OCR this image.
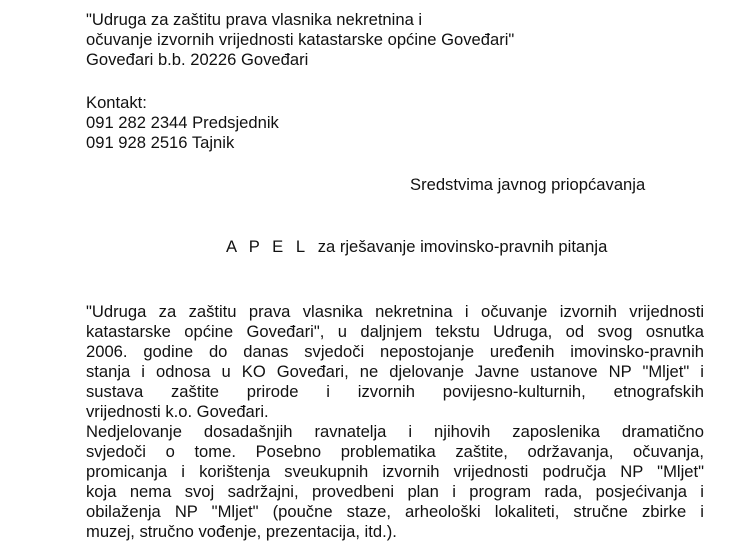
"Udruga za zaštitu prava vlasnika nekretnina i
očuvanje izvornih vrijednosti katastarske općine Goveđari"
Goveđari b.b. 20226 Goveđari
Kontakt:
091 282 2344 Predsjednik
091 928 2516 Tajnik
Sredstvima javnog priopćavanja
A P E L za rješavanje imovinsko-pravnih pitanja
"Udruga za zaštitu prava vlasnika nekretnina i očuvanje izvornih vrijednosti
katastarske općine Goveđari", u daljnjem tekstu Udruga, od svog osnutka
2006. godine do danas svjedoči nepostojanje uređenih imovinsko-pravnih
stanja i odnosa u KO Goveđari, ne djelovanje Javne ustanove NP "Mljet" i
sustava zaštite prirode i izvornih povijesno-kulturnih, etnografskih
vrijednosti k.o. Goveđari.
Nedjelovanje dosadašnjih ravnatelja i njihovih zaposlenika dramatično
svjedoči o tome. Posebno problematika zaštite, održavanja, očuvanja,
promicanja i korištenja sveukupnih izvornih vrijednosti područja NP "Mljet"
koja nema svoj sadržajni, provedbeni plan i program rada, posjećivanja i
obilaženja NP "Mljet" (poučne staze, arheološki lokaliteti, stručne zbirke i
muzej, stručno vođenje, prezentacija, itd.).
